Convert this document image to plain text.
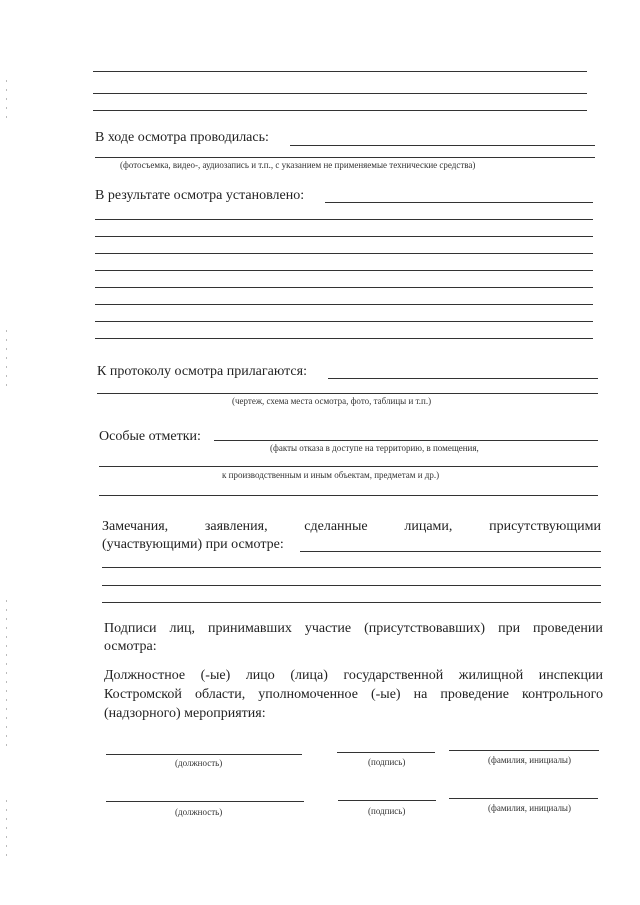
В ходе осмотра проводилась:
(фотосъемка, видео-, аудиозапись и т.п., с указанием не применяемые технические средства)
В результате осмотра установлено:
К протоколу осмотра прилагаются:
(чертеж, схема места осмотра, фото, таблицы и т.п.)
Особые отметки:
(факты отказа в доступе на территорию, в помещения,
к производственным и иным объектам, предметам и др.)
Замечания,	заявления,	сделанные	лицами,	присутствующими
(участвующими) при осмотре:
Подписи лиц, принимавших участие (присутствовавших) при проведении
осмотра:
Должностное (-ые) лицо (лица) государственной жилищной инспекции
Костромской области, уполномоченное (-ые) на проведение контрольного
(надзорного) мероприятия:
(должность)	(подпись)	(фамилия, инициалы)
(должность)	(подпись)	(фамилия, инициалы)
